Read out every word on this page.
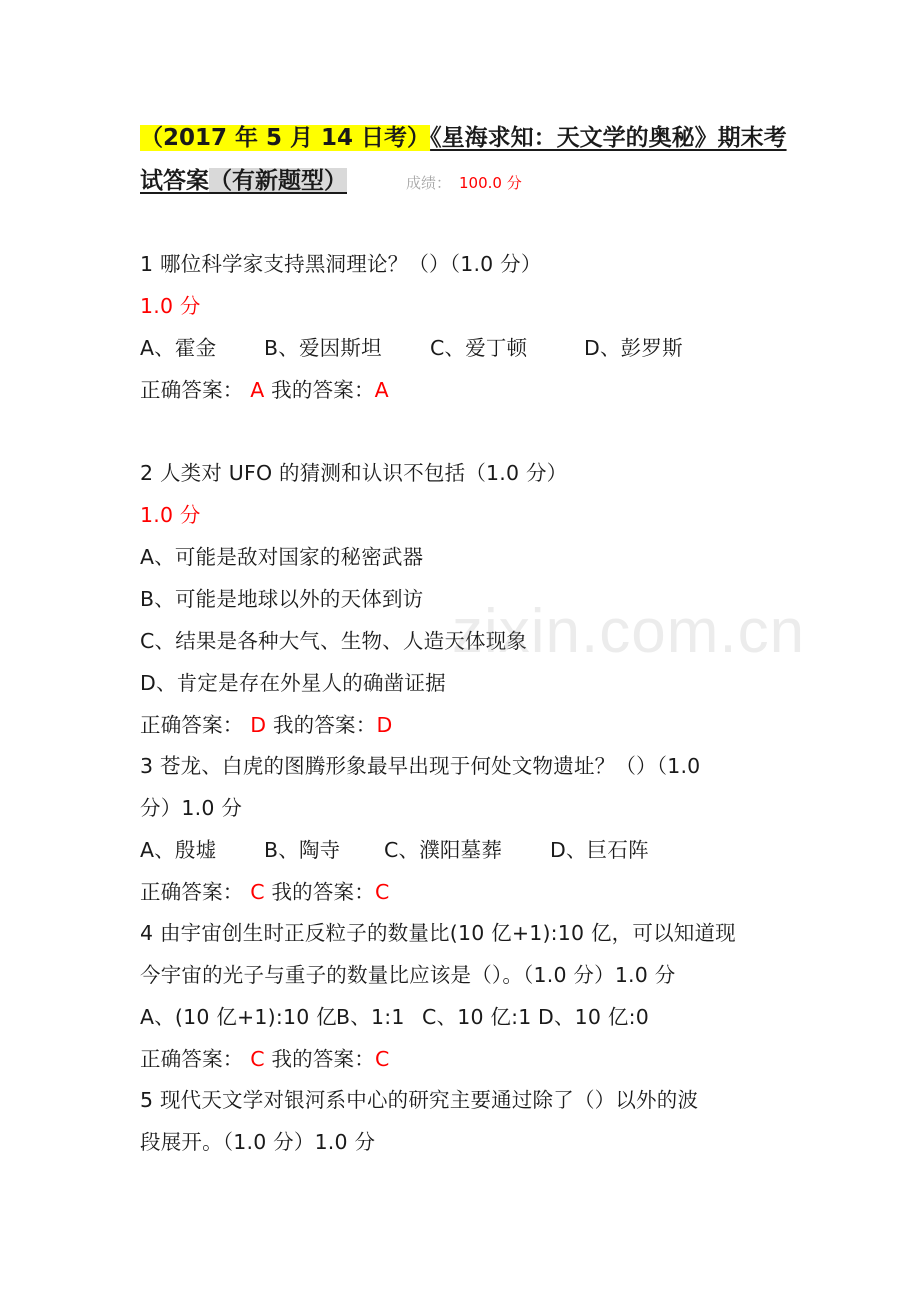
（2017 年 5 月 14 日考）《星海求知：天文学的奥秘》期末考
试答案（有新题型）	成绩： 100.0 分
1 哪位科学家支持黑洞理论？（）（1.0 分）
1.0 分
A、霍金 B、爱因斯坦 C、爱丁顿	D、彭罗斯
正确答案： A 我的答案：A
2 人类对 UFO 的猜测和认识不包括（1.0 分）
1.0 分
A、可能是敌对国家的秘密武器
B、可能是地球以外的天体到访
C、结果是各种大气、生物、人造天体现象
D、肯定是存在外星人的确凿证据
正确答案： D 我的答案：D
3 苍龙、白虎的图腾形象最早出现于何处文物遗址？（）（1.0
分）1.0 分
A、殷墟 B、陶寺 C、濮阳墓葬 D、巨石阵
正确答案： C 我的答案：C
4 由宇宙创生时正反粒子的数量比(10 亿+1):10 亿，可以知道现
今宇宙的光子与重子的数量比应该是（）。（1.0 分）1.0 分
A、(10 亿+1):10 亿B、1:1 C、10 亿:1 D、10 亿:0
正确答案： C 我的答案：C
5 现代天文学对银河系中心的研究主要通过除了（）以外的波
段展开。（1.0 分）1.0 分
zixin.com.cn
